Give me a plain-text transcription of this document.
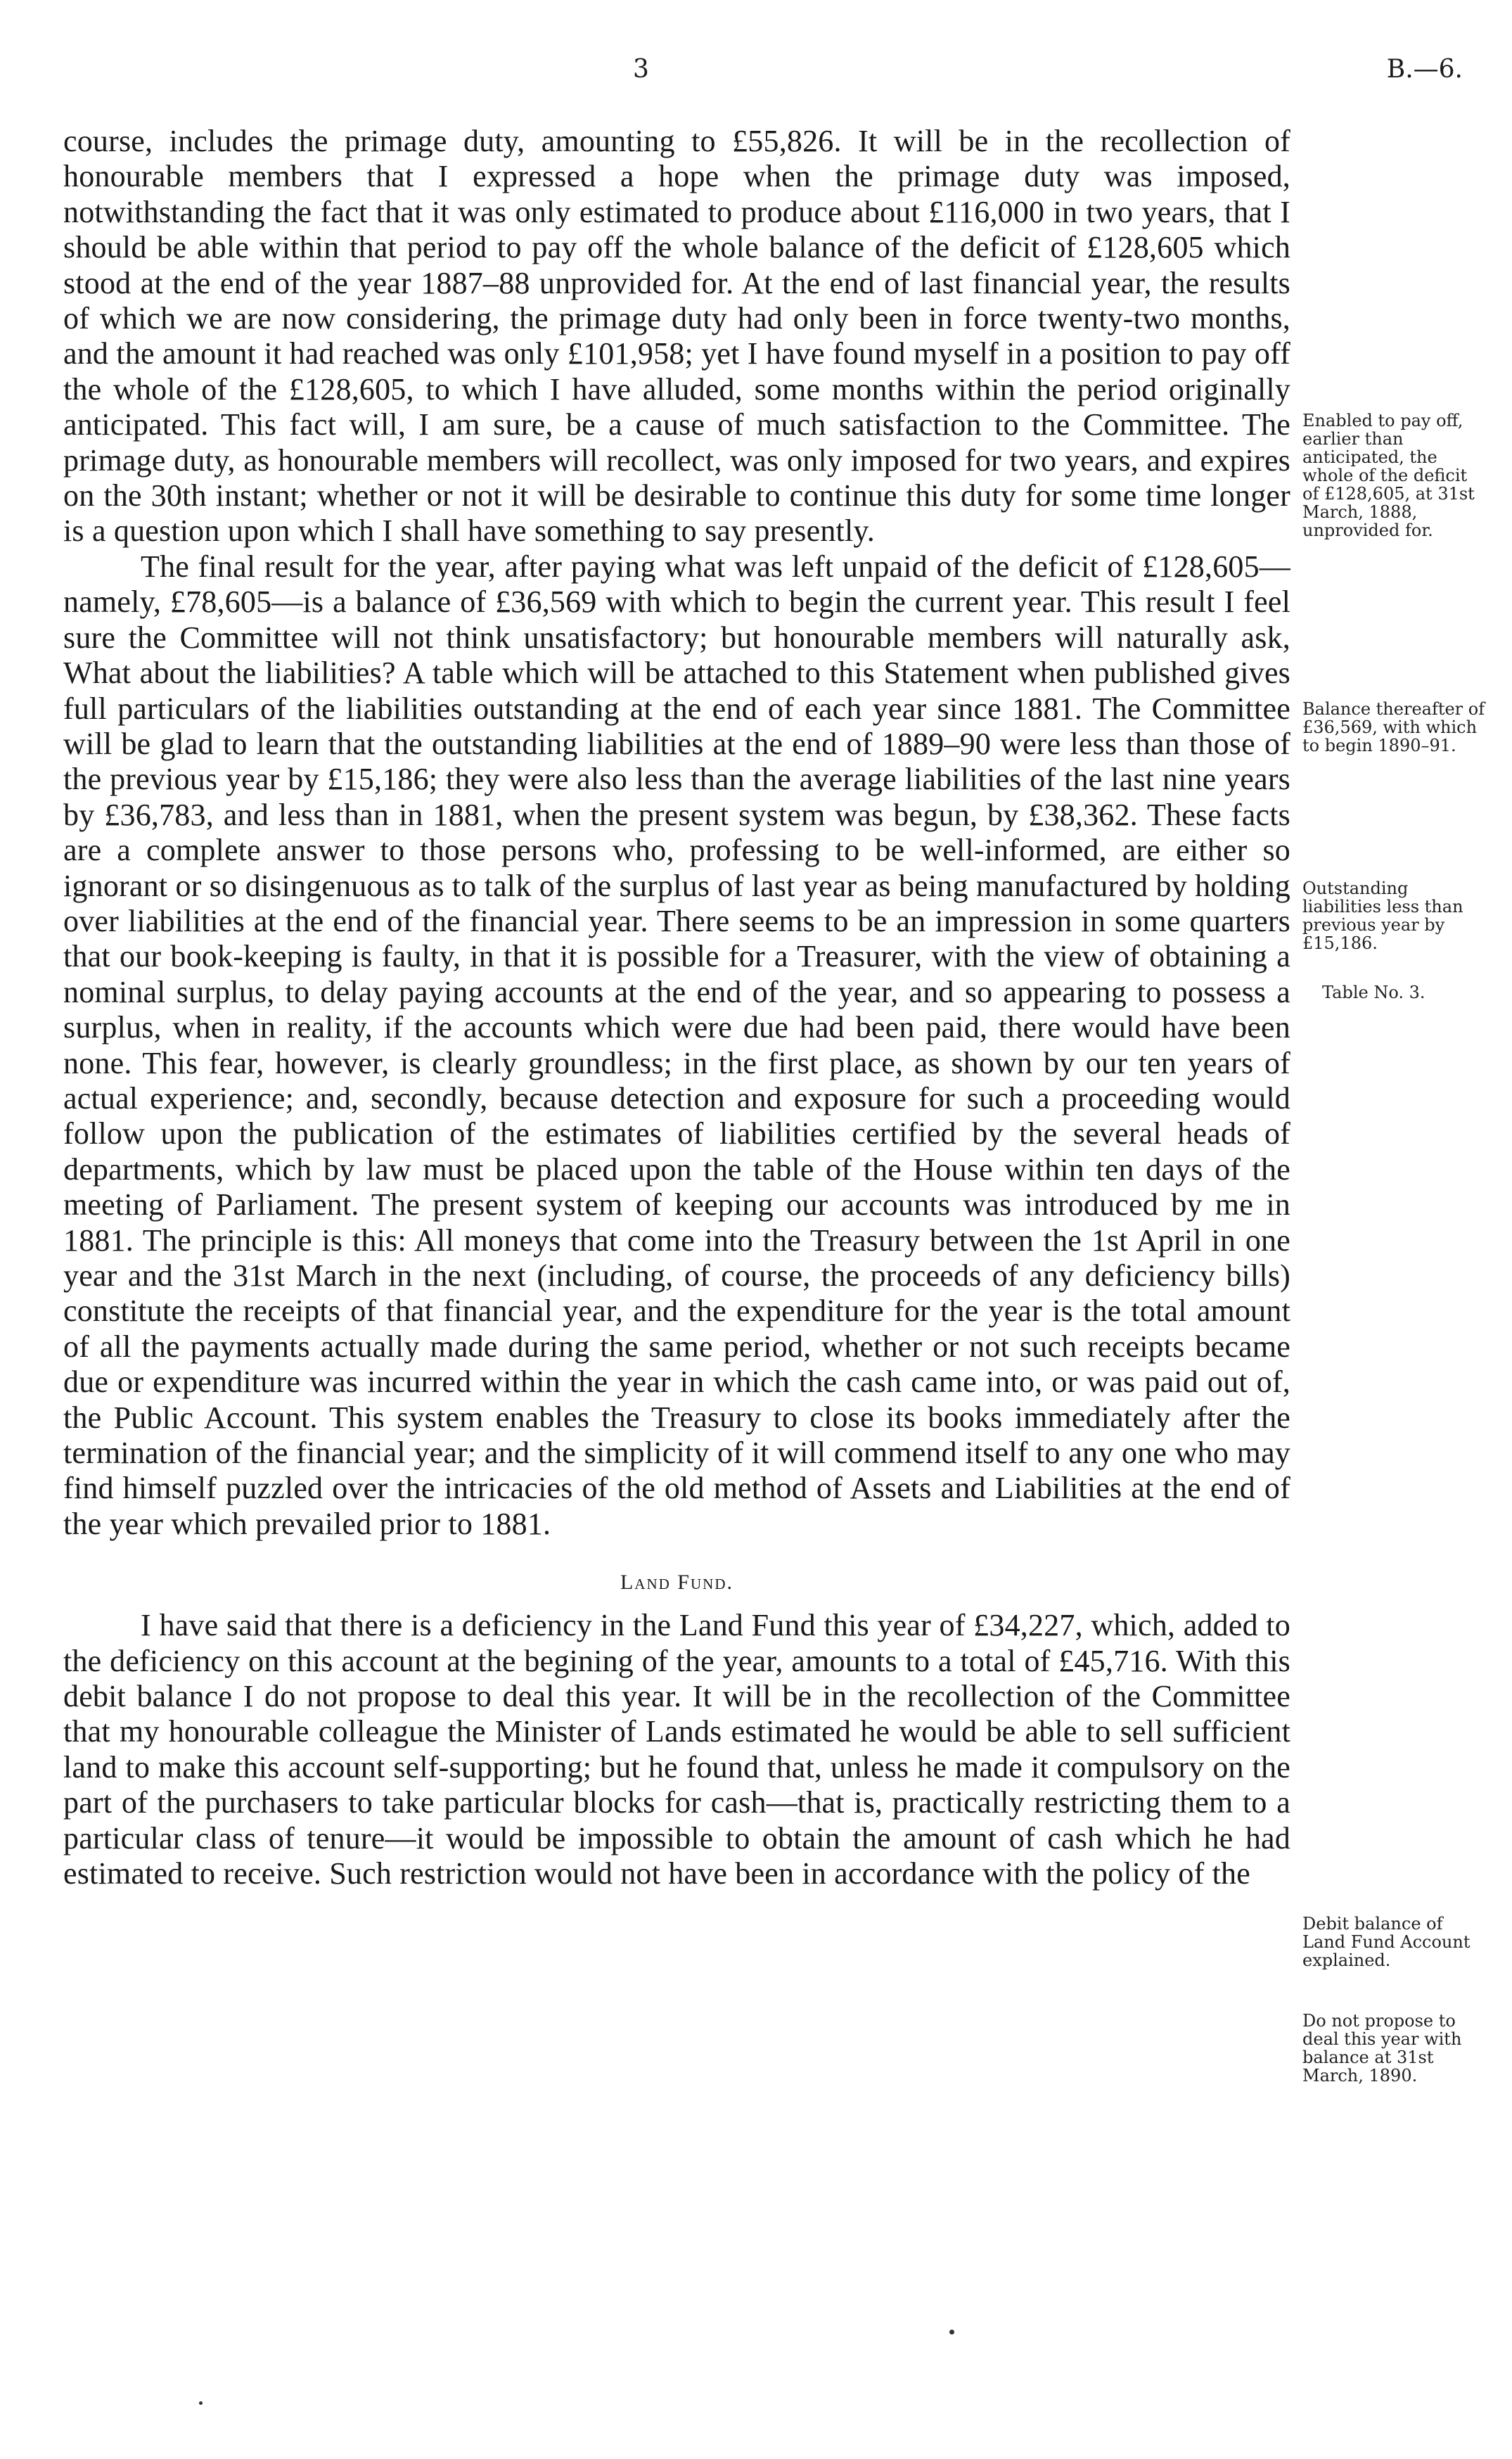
3	B.—6.

course, includes the primage duty, amounting to £55,826. It will be in the recollection of honourable members that I expressed a hope when the primage duty was imposed, notwithstanding the fact that it was only estimated to produce about £116,000 in two years, that I should be able within that period to pay off the whole balance of the deficit of £128,605 which stood at the end of the year 1887–88 unprovided for. At the end of last financial year, the results of which we are now considering, the primage duty had only been in force twenty-two months, and the amount it had reached was only £101,958; yet I have found myself in a position to pay off the whole of the £128,605, to which I have alluded, some months within the period originally anticipated. This fact will, I am sure, be a cause of much satisfaction to the Committee. The primage duty, as honourable members will recollect, was only imposed for two years, and expires on the 30th instant; whether or not it will be desirable to continue this duty for some time longer is a question upon which I shall have something to say presently.

The final result for the year, after paying what was left unpaid of the deficit of £128,605—namely, £78,605—is a balance of £36,569 with which to begin the current year. This result I feel sure the Committee will not think unsatisfactory; but honourable members will naturally ask, What about the liabilities? A table which will be attached to this Statement when published gives full particulars of the liabilities outstanding at the end of each year since 1881. The Committee will be glad to learn that the outstanding liabilities at the end of 1889–90 were less than those of the previous year by £15,186; they were also less than the average liabilities of the last nine years by £36,783, and less than in 1881, when the present system was begun, by £38,362. These facts are a complete answer to those persons who, professing to be well-informed, are either so ignorant or so disingenuous as to talk of the surplus of last year as being manufactured by holding over liabilities at the end of the financial year. There seems to be an impression in some quarters that our book-keeping is faulty, in that it is possible for a Treasurer, with the view of obtaining a nominal surplus, to delay paying accounts at the end of the year, and so appearing to possess a surplus, when in reality, if the accounts which were due had been paid, there would have been none. This fear, however, is clearly groundless; in the first place, as shown by our ten years of actual experience; and, secondly, because detection and exposure for such a proceeding would follow upon the publication of the estimates of liabilities certified by the several heads of departments, which by law must be placed upon the table of the House within ten days of the meeting of Parliament. The present system of keeping our accounts was introduced by me in 1881. The principle is this: All moneys that come into the Treasury between the 1st April in one year and the 31st March in the next (including, of course, the proceeds of any deficiency bills) constitute the receipts of that financial year, and the expenditure for the year is the total amount of all the payments actually made during the same period, whether or not such receipts became due or expenditure was incurred within the year in which the cash came into, or was paid out of, the Public Account. This system enables the Treasury to close its books immediately after the termination of the financial year; and the simplicity of it will commend itself to any one who may find himself puzzled over the intricacies of the old method of Assets and Liabilities at the end of the year which prevailed prior to 1881.

Land Fund.

I have said that there is a deficiency in the Land Fund this year of £34,227, which, added to the deficiency on this account at the begining of the year, amounts to a total of £45,716. With this debit balance I do not propose to deal this year. It will be in the recollection of the Committee that my honourable colleague the Minister of Lands estimated he would be able to sell sufficient land to make this account self-supporting; but he found that, unless he made it compulsory on the part of the purchasers to take particular blocks for cash—that is, practically restricting them to a particular class of tenure—it would be impossible to obtain the amount of cash which he had estimated to receive. Such restriction would not have been in accordance with the policy of the

Enabled to pay off, earlier than anticipated, the whole of the deficit of £128,605, at 31st March, 1888, unprovided for.
Balance thereafter of £36,569, with which to begin 1890–91.
Outstanding liabilities less than previous year by £15,186.
Table No. 3.
Debit balance of Land Fund Account explained.
Do not propose to deal this year with balance at 31st March, 1890.
